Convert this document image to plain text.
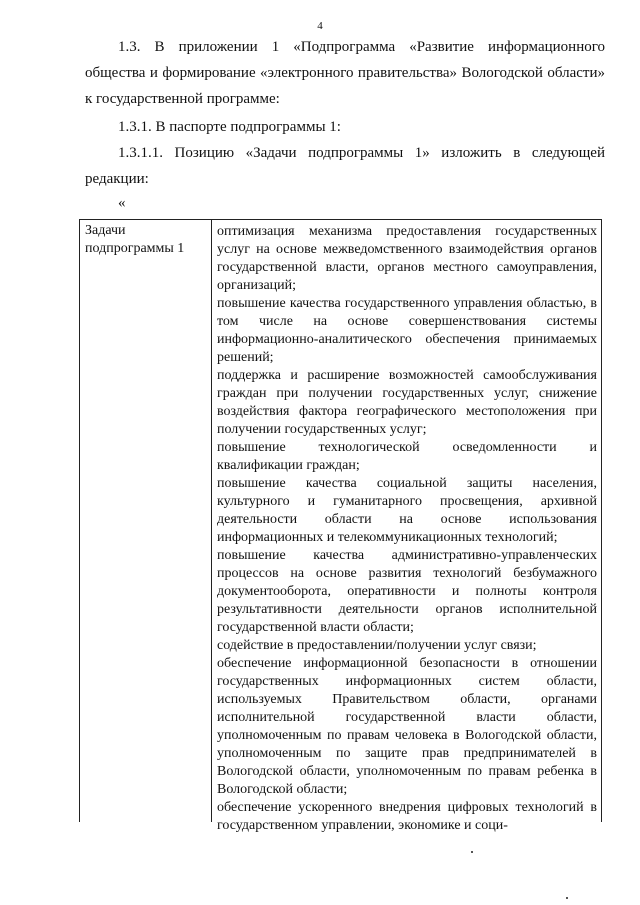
4

1.3. В приложении 1 «Подпрограмма «Развитие информационного общества и формирование «электронного правительства» Вологодской области» к государственной программе:

1.3.1. В паспорте подпрограммы 1:

1.3.1.1. Позицию «Задачи подпрограммы 1» изложить в следующей редакции:

«

Задачи подпрограммы 1
оптимизация механизма предоставления государственных услуг на основе межведомственного взаимодействия органов государственной власти, органов местного самоуправления, организаций;
повышение качества государственного управления областью, в том числе на основе совершенствования системы информационно-аналитического обеспечения принимаемых решений;
поддержка и расширение возможностей самообслуживания граждан при получении государственных услуг, снижение воздействия фактора географического местоположения при получении государственных услуг;
повышение технологической осведомленности и квалификации граждан;
повышение качества социальной защиты населения, культурного и гуманитарного просвещения, архивной деятельности области на основе использования информационных и телекоммуникационных технологий;
повышение качества административно-управленческих процессов на основе развития технологий безбумажного документооборота, оперативности и полноты контроля результативности деятельности органов исполнительной государственной власти области;
содействие в предоставлении/получении услуг связи;
обеспечение информационной безопасности в отношении государственных информационных систем области, используемых Правительством области, органами исполнительной государственной власти области, уполномоченным по правам человека в Вологодской области, уполномоченным по защите прав предпринимателей в Вологодской области, уполномоченным по правам ребенка в Вологодской области;
обеспечение ускоренного внедрения цифровых технологий в государственном управлении, экономике и соци-
